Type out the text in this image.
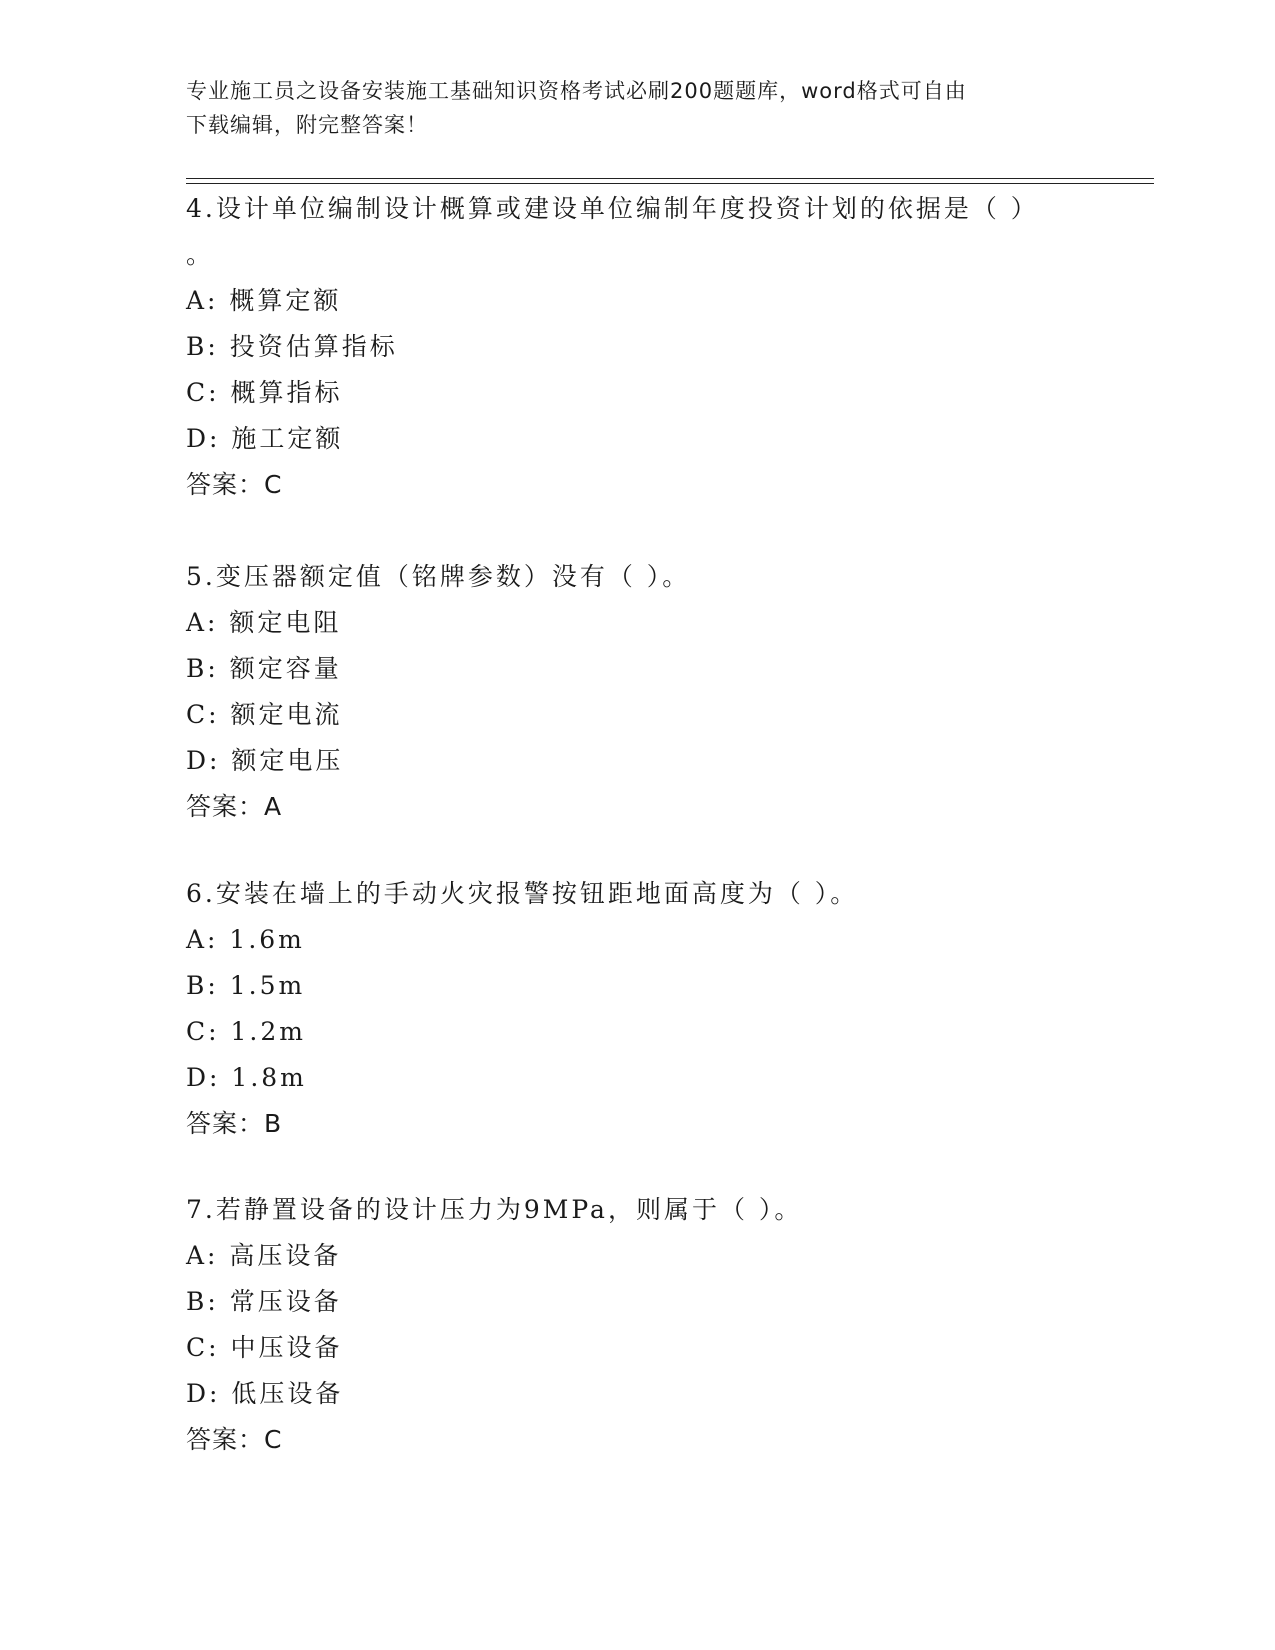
专业施工员之设备安装施工基础知识资格考试必刷200题题库，word格式可自由
下载编辑，附完整答案！
4.设计单位编制设计概算或建设单位编制年度投资计划的依据是（ ）
。
A: 概算定额
B: 投资估算指标
C: 概算指标
D: 施工定额
答案：C
5.变压器额定值（铭牌参数）没有（ ）。
A: 额定电阻
B: 额定容量
C: 额定电流
D: 额定电压
答案：A
6.安装在墙上的手动火灾报警按钮距地面高度为（ ）。
A: 1.6m
B: 1.5m
C: 1.2m
D: 1.8m
答案：B
7.若静置设备的设计压力为9MPa，则属于（ ）。
A: 高压设备
B: 常压设备
C: 中压设备
D: 低压设备
答案：C
